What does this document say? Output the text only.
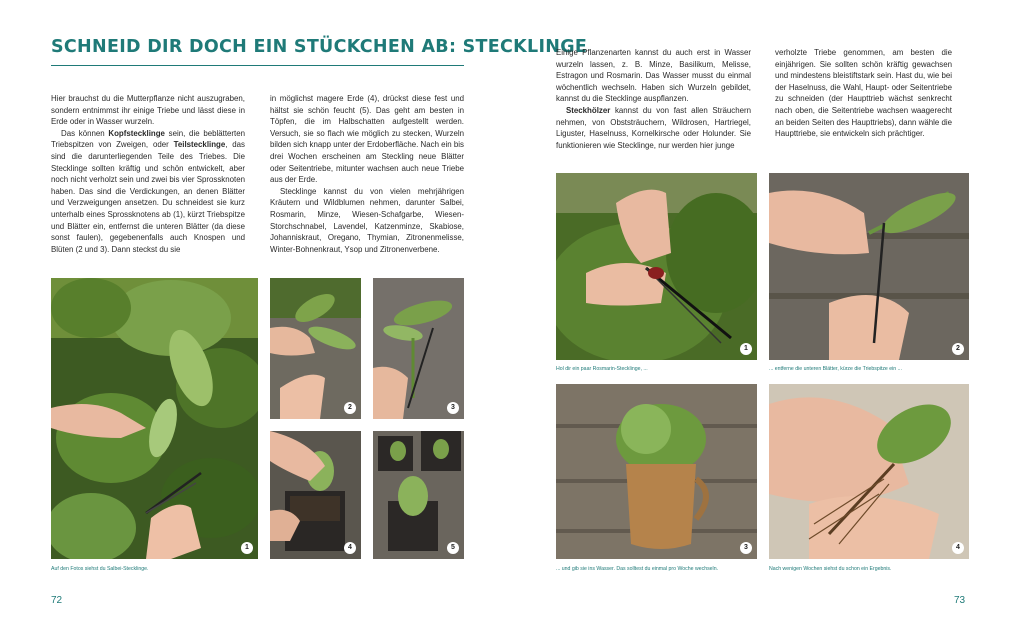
SCHNEID DIR DOCH EIN STÜCKCHEN AB: STECKLINGE

Hier brauchst du die Mutterpflanze nicht auszugraben, sondern entnimmst ihr einige Triebe und lässt diese in Erde oder in Wasser wurzeln.

Das können Kopfstecklinge sein, die beblätterten Triebspitzen von Zweigen, oder Teilstecklinge, das sind die darunterliegenden Teile des Triebes. Die Stecklinge sollten kräftig und schön entwickelt, aber noch nicht verholzt sein und zwei bis vier Sprossknoten haben. Das sind die Verdickungen, an denen Blätter und Verzweigungen ansetzen. Du schneidest sie kurz unterhalb eines Sprossknotens ab (1), kürzt Triebspitze und Blätter ein, entfernst die unteren Blätter (da diese sonst faulen), gegebenenfalls auch Knospen und Blüten (2 und 3). Dann steckst du sie

in möglichst magere Erde (4), drückst diese fest und hältst sie schön feucht (5). Das geht am besten in Töpfen, die im Halbschatten aufgestellt werden. Versuch, sie so flach wie möglich zu stecken, Wurzeln bilden sich knapp unter der Erdoberfläche. Nach ein bis drei Wochen erscheinen am Steckling neue Blätter oder Seitentriebe, mitunter wachsen auch neue Triebe aus der Erde.

Stecklinge kannst du von vielen mehrjährigen Kräutern und Wildblumen nehmen, darunter Salbei, Rosmarin, Minze, Wiesen-Schafgarbe, Wiesen-Storchschnabel, Lavendel, Katzenminze, Skabiose, Johanniskraut, Oregano, Thymian, Zitronenmelisse, Winter-Bohnenkraut, Ysop und Zitronenverbene.

1
2	3
4	5
Auf den Fotos siehst du Salbei-Stecklinge.
72

Einige Pflanzenarten kannst du auch erst in Wasser wurzeln lassen, z. B. Minze, Basilikum, Melisse, Estragon und Rosmarin. Das Wasser musst du einmal wöchentlich wechseln. Haben sich Wurzeln gebildet, kannst du die Stecklinge auspflanzen.

Steckhölzer kannst du von fast allen Sträuchern nehmen, von Obststräuchern, Wildrosen, Hartriegel, Liguster, Haselnuss, Kornelkirsche oder Holunder. Sie funktionieren wie Stecklinge, nur werden hier junge

verholzte Triebe genommen, am besten die einjährigen. Sie sollten schön kräftig gewachsen und mindestens bleistiftstark sein. Hast du, wie bei der Haselnuss, die Wahl, Haupt- oder Seitentriebe zu schneiden (der Haupttrieb wächst senkrecht nach oben, die Seitentriebe wachsen waagerecht an beiden Seiten des Haupttriebs), dann wähle die Haupttriebe, sie entwickeln sich prächtiger.

1	2
Hol dir ein paar Rosmarin-Stecklinge, ...	... entferne die unteren Blätter, kürze die Triebspitze ein ...
3	4
... und gib sie ins Wasser. Das solltest du einmal pro Woche wechseln.	Nach wenigen Wochen siehst du schon ein Ergebnis.
73
